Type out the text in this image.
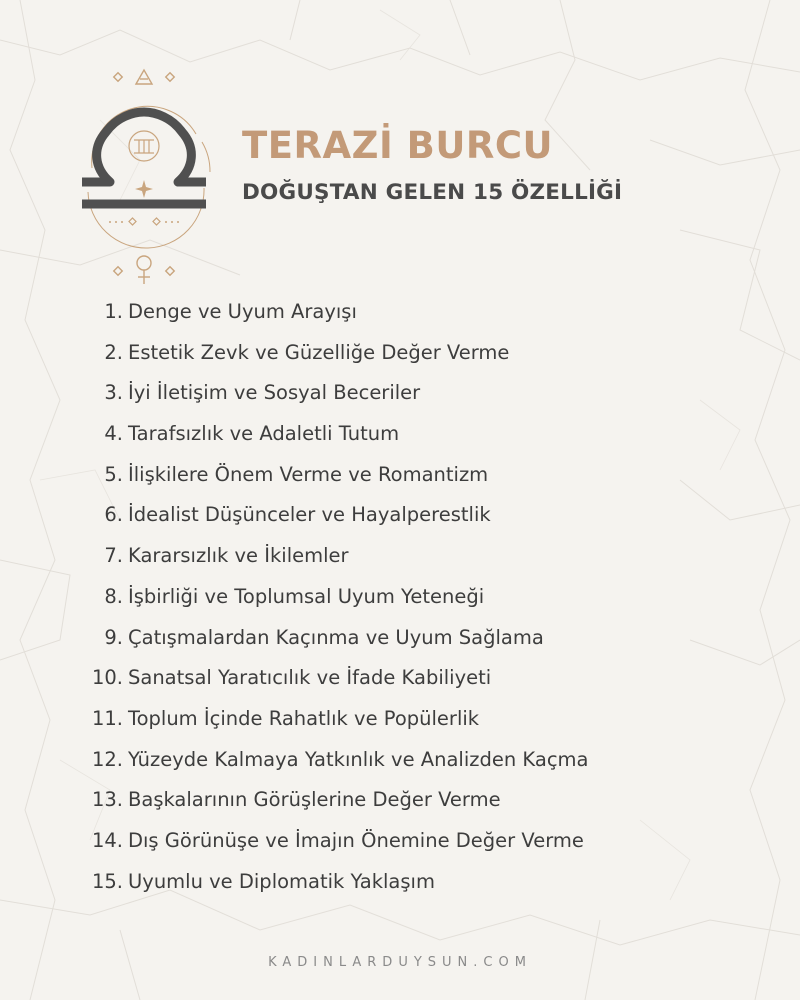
TERAZİ BURCU
DOĞUŞTAN GELEN 15 ÖZELLİĞİ
1. Denge ve Uyum Arayışı
2. Estetik Zevk ve Güzelliğe Değer Verme
3. İyi İletişim ve Sosyal Beceriler
4. Tarafsızlık ve Adaletli Tutum
5. İlişkilere Önem Verme ve Romantizm
6. İdealist Düşünceler ve Hayalperestlik
7. Kararsızlık ve İkilemler
8. İşbirliği ve Toplumsal Uyum Yeteneği
9. Çatışmalardan Kaçınma ve Uyum Sağlama
10. Sanatsal Yaratıcılık ve İfade Kabiliyeti
11. Toplum İçinde Rahatlık ve Popülerlik
12. Yüzeyde Kalmaya Yatkınlık ve Analizden Kaçma
13. Başkalarının Görüşlerine Değer Verme
14. Dış Görünüşe ve İmajın Önemine Değer Verme
15. Uyumlu ve Diplomatik Yaklaşım
KADINLARDUYSUN.COM
